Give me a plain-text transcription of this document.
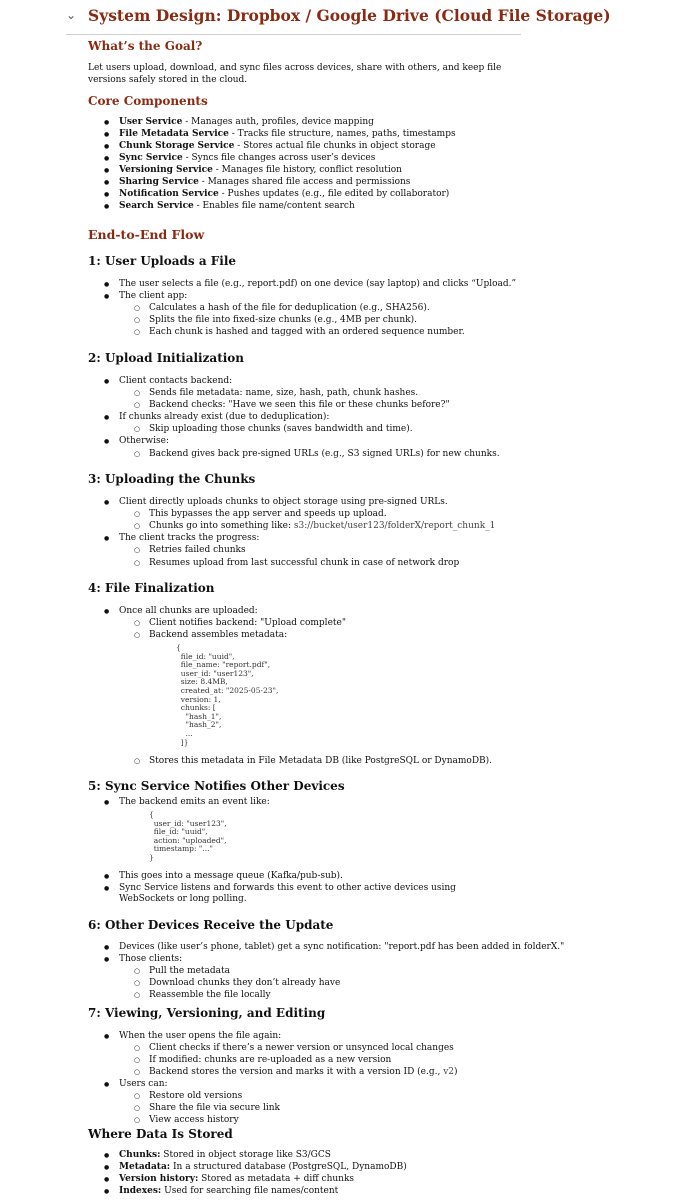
⌄ System Design: Dropbox / Google Drive (Cloud File Storage)
What’s the Goal?
Let users upload, download, and sync files across devices, share with others, and keep file versions safely stored in the cloud.
Core Components
● User Service - Manages auth, profiles, device mapping
● File Metadata Service - Tracks file structure, names, paths, timestamps
● Chunk Storage Service - Stores actual file chunks in object storage
● Sync Service - Syncs file changes across user’s devices
● Versioning Service - Manages file history, conflict resolution
● Sharing Service - Manages shared file access and permissions
● Notification Service - Pushes updates (e.g., file edited by collaborator)
● Search Service - Enables file name/content search
End-to-End Flow
1: User Uploads a File
● The user selects a file (e.g., report.pdf) on one device (say laptop) and clicks “Upload.”
● The client app:
○ Calculates a hash of the file for deduplication (e.g., SHA256).
○ Splits the file into fixed-size chunks (e.g., 4MB per chunk).
○ Each chunk is hashed and tagged with an ordered sequence number.
2: Upload Initialization
● Client contacts backend:
○ Sends file metadata: name, size, hash, path, chunk hashes.
○ Backend checks: "Have we seen this file or these chunks before?"
● If chunks already exist (due to deduplication):
○ Skip uploading those chunks (saves bandwidth and time).
● Otherwise:
○ Backend gives back pre-signed URLs (e.g., S3 signed URLs) for new chunks.
3: Uploading the Chunks
● Client directly uploads chunks to object storage using pre-signed URLs.
○ This bypasses the app server and speeds up upload.
○ Chunks go into something like: s3://bucket/user123/folderX/report_chunk_1
● The client tracks the progress:
○ Retries failed chunks
○ Resumes upload from last successful chunk in case of network drop
4: File Finalization
● Once all chunks are uploaded:
○ Client notifies backend: "Upload complete"
○ Backend assembles metadata:
{
file_id: "uuid",
file_name: "report.pdf",
user_id: "user123",
size: 8.4MB,
created_at: "2025-05-23",
version: 1,
chunks: [
"hash_1",
"hash_2",
...
]}
○ Stores this metadata in File Metadata DB (like PostgreSQL or DynamoDB).
5: Sync Service Notifies Other Devices
● The backend emits an event like:
{
user_id: "user123",
file_id: "uuid",
action: "uploaded",
timestamp: "..."
}
● This goes into a message queue (Kafka/pub-sub).
● Sync Service listens and forwards this event to other active devices using WebSockets or long polling.
6: Other Devices Receive the Update
● Devices (like user’s phone, tablet) get a sync notification: "report.pdf has been added in folderX."
● Those clients:
○ Pull the metadata
○ Download chunks they don’t already have
○ Reassemble the file locally
7: Viewing, Versioning, and Editing
● When the user opens the file again:
○ Client checks if there’s a newer version or unsynced local changes
○ If modified: chunks are re-uploaded as a new version
○ Backend stores the version and marks it with a version ID (e.g., v2)
● Users can:
○ Restore old versions
○ Share the file via secure link
○ View access history
Where Data Is Stored
● Chunks: Stored in object storage like S3/GCS
● Metadata: In a structured database (PostgreSQL, DynamoDB)
● Version history: Stored as metadata + diff chunks
● Indexes: Used for searching file names/content
